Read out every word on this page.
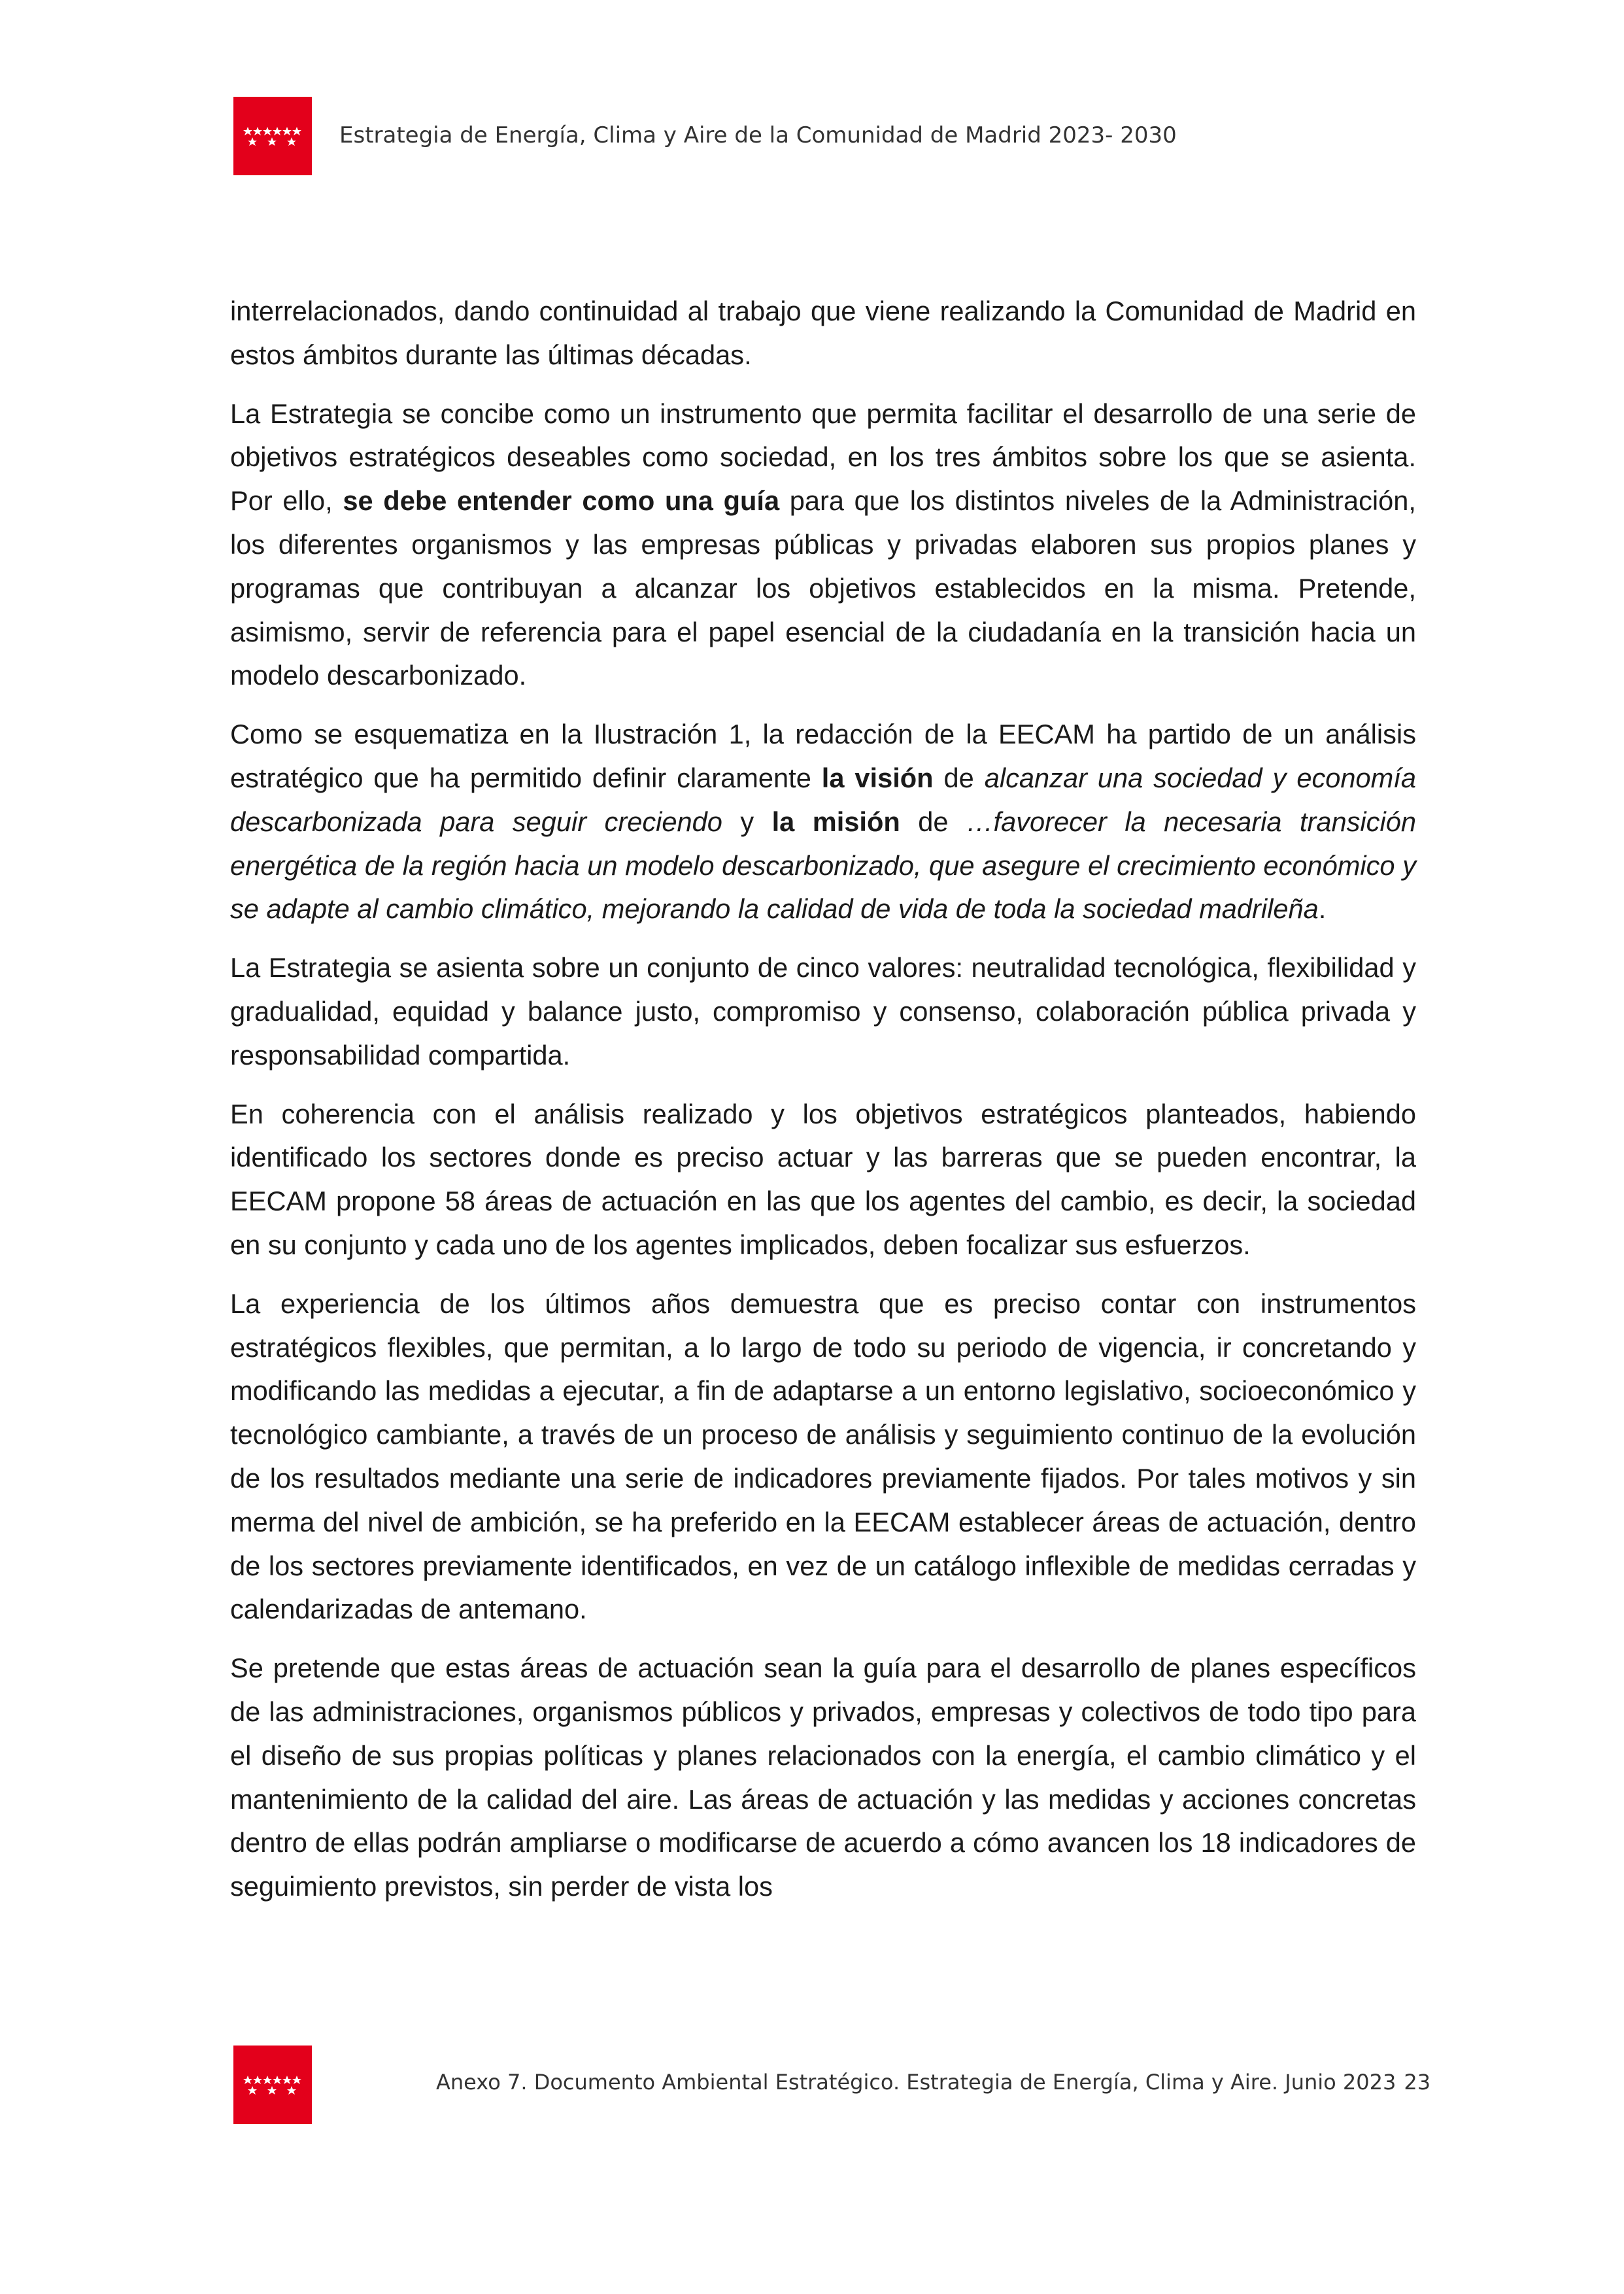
Estrategia de Energía, Clima y Aire de la Comunidad de Madrid 2023- 2030

interrelacionados, dando continuidad al trabajo que viene realizando la Comunidad de Madrid en estos ámbitos durante las últimas décadas.

La Estrategia se concibe como un instrumento que permita facilitar el desarrollo de una serie de objetivos estratégicos deseables como sociedad, en los tres ámbitos sobre los que se asienta. Por ello, se debe entender como una guía para que los distintos niveles de la Administración, los diferentes organismos y las empresas públicas y privadas elaboren sus propios planes y programas que contribuyan a alcanzar los objetivos establecidos en la misma. Pretende, asimismo, servir de referencia para el papel esencial de la ciudadanía en la transición hacia un modelo descarbonizado.

Como se esquematiza en la Ilustración 1, la redacción de la EECAM ha partido de un análisis estratégico que ha permitido definir claramente la visión de alcanzar una sociedad y economía descarbonizada para seguir creciendo y la misión de …favorecer la necesaria transición energética de la región hacia un modelo descarbonizado, que asegure el crecimiento económico y se adapte al cambio climático, mejorando la calidad de vida de toda la sociedad madrileña.

La Estrategia se asienta sobre un conjunto de cinco valores: neutralidad tecnológica, flexibilidad y gradualidad, equidad y balance justo, compromiso y consenso, colaboración pública privada y responsabilidad compartida.

En coherencia con el análisis realizado y los objetivos estratégicos planteados, habiendo identificado los sectores donde es preciso actuar y las barreras que se pueden encontrar, la EECAM propone 58 áreas de actuación en las que los agentes del cambio, es decir, la sociedad en su conjunto y cada uno de los agentes implicados, deben focalizar sus esfuerzos.

La experiencia de los últimos años demuestra que es preciso contar con instrumentos estratégicos flexibles, que permitan, a lo largo de todo su periodo de vigencia, ir concretando y modificando las medidas a ejecutar, a fin de adaptarse a un entorno legislativo, socioeconómico y tecnológico cambiante, a través de un proceso de análisis y seguimiento continuo de la evolución de los resultados mediante una serie de indicadores previamente fijados. Por tales motivos y sin merma del nivel de ambición, se ha preferido en la EECAM establecer áreas de actuación, dentro de los sectores previamente identificados, en vez de un catálogo inflexible de medidas cerradas y calendarizadas de antemano.

Se pretende que estas áreas de actuación sean la guía para el desarrollo de planes específicos de las administraciones, organismos públicos y privados, empresas y colectivos de todo tipo para el diseño de sus propias políticas y planes relacionados con la energía, el cambio climático y el mantenimiento de la calidad del aire. Las áreas de actuación y las medidas y acciones concretas dentro de ellas podrán ampliarse o modificarse de acuerdo a cómo avancen los 18 indicadores de seguimiento previstos, sin perder de vista los

Anexo 7. Documento Ambiental Estratégico. Estrategia de Energía, Clima y Aire. Junio 2023 23
